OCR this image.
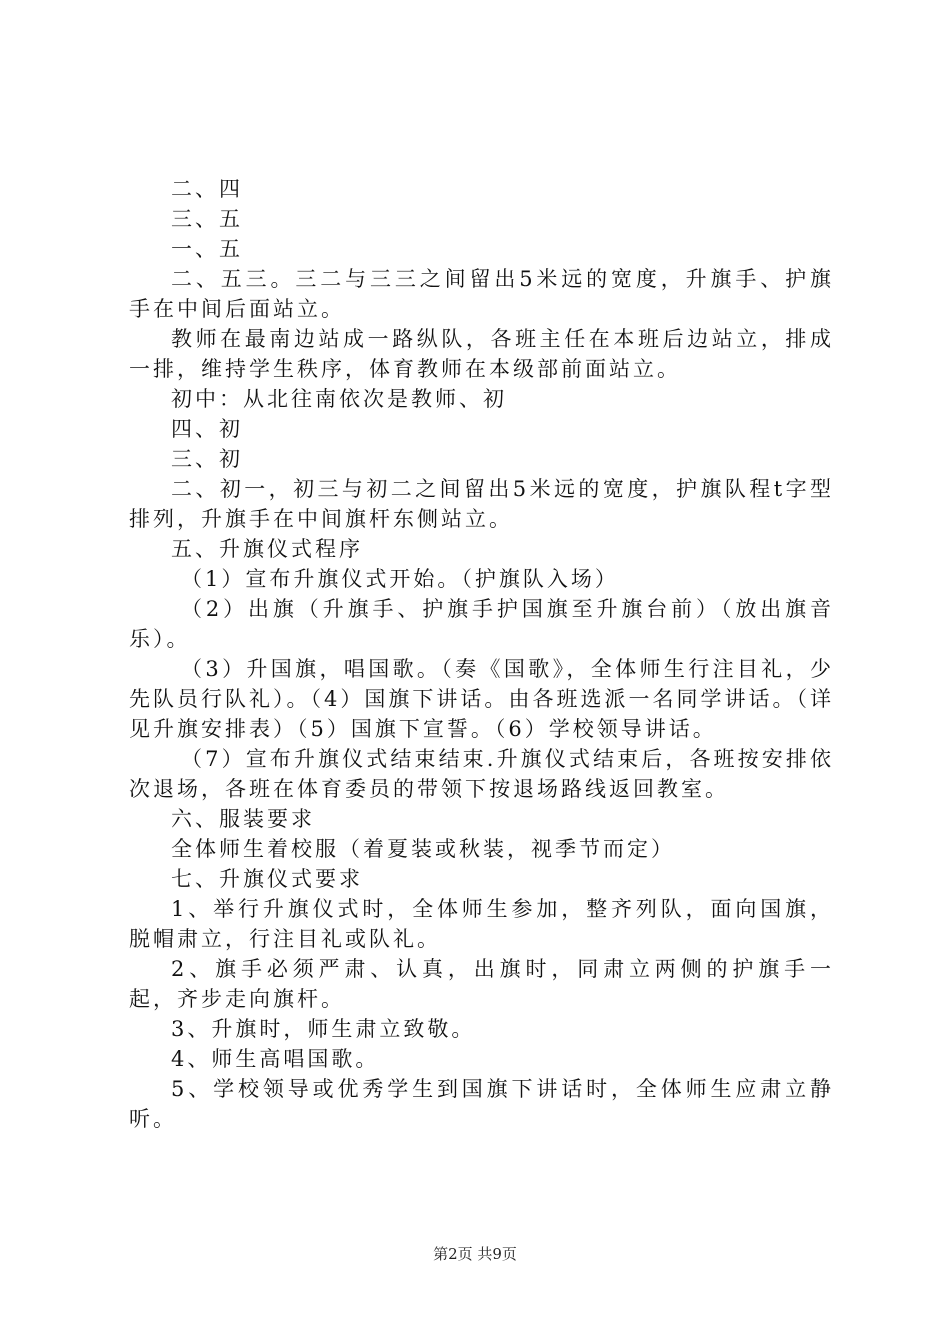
二、四

三、五

一、五

二、五三。三二与三三之间留出5米远的宽度，升旗手、护旗手在中间后面站立。

教师在最南边站成一路纵队，各班主任在本班后边站立，排成一排，维持学生秩序，体育教师在本级部前面站立。

初中：从北往南依次是教师、初

四、初

三、初

二、初一，初三与初二之间留出5米远的宽度，护旗队程t字型排列，升旗手在中间旗杆东侧站立。

五、升旗仪式程序

（1）宣布升旗仪式开始。（护旗队入场）

（2）出旗（升旗手、护旗手护国旗至升旗台前）（放出旗音乐）。

（3）升国旗，唱国歌。（奏《国歌》，全体师生行注目礼，少先队员行队礼）。（4）国旗下讲话。由各班选派一名同学讲话。（详见升旗安排表）（5）国旗下宣誓。（6）学校领导讲话。

（7）宣布升旗仪式结束结束.升旗仪式结束后，各班按安排依次退场，各班在体育委员的带领下按退场路线返回教室。

六、服装要求

全体师生着校服（着夏装或秋装，视季节而定）

七、升旗仪式要求

1、举行升旗仪式时，全体师生参加，整齐列队，面向国旗，脱帽肃立，行注目礼或队礼。

2、旗手必须严肃、认真，出旗时，同肃立两侧的护旗手一起，齐步走向旗杆。

3、升旗时，师生肃立致敬。

4、师生高唱国歌。

5、学校领导或优秀学生到国旗下讲话时，全体师生应肃立静听。

第2页 共9页
